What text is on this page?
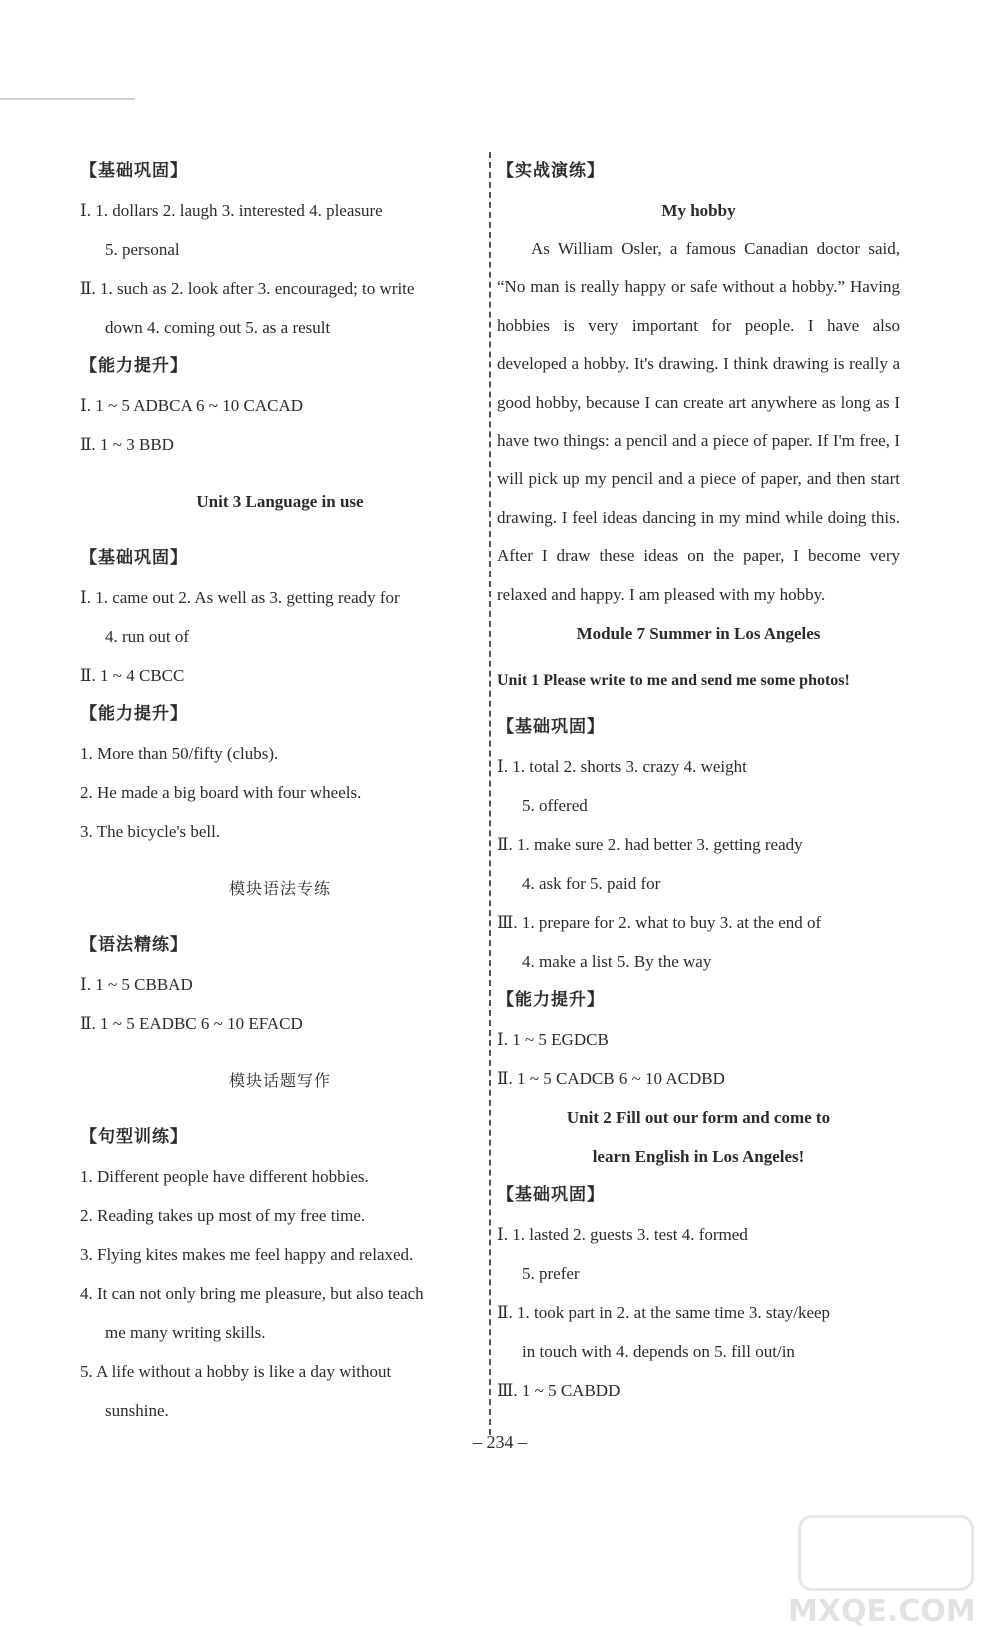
【基础巩固】
Ⅰ. 1. dollars 2. laugh 3. interested 4. pleasure
5. personal
Ⅱ. 1. such as 2. look after 3. encouraged; to write
down 4. coming out 5. as a result
【能力提升】
Ⅰ. 1 ~ 5 ADBCA 6 ~ 10 CACAD
Ⅱ. 1 ~ 3 BBD
Unit 3 Language in use
【基础巩固】
Ⅰ. 1. came out 2. As well as 3. getting ready for
4. run out of
Ⅱ. 1 ~ 4 CBCC
【能力提升】
1. More than 50/fifty (clubs).
2. He made a big board with four wheels.
3. The bicycle's bell.
模块语法专练
【语法精练】
Ⅰ. 1 ~ 5 CBBAD
Ⅱ. 1 ~ 5 EADBC 6 ~ 10 EFACD
模块话题写作
【句型训练】
1. Different people have different hobbies.
2. Reading takes up most of my free time.
3. Flying kites makes me feel happy and relaxed.
4. It can not only bring me pleasure, but also teach
me many writing skills.
5. A life without a hobby is like a day without
sunshine.
【实战演练】
My hobby

As William Osler, a famous Canadian doctor said, “No man is really happy or safe without a hobby.” Having hobbies is very important for people. I have also developed a hobby. It's drawing. I think drawing is really a good hobby, because I can create art anywhere as long as I have two things: a pencil and a piece of paper. If I'm free, I will pick up my pencil and a piece of paper, and then start drawing. I feel ideas dancing in my mind while doing this. After I draw these ideas on the paper, I become very relaxed and happy. I am pleased with my hobby.

Module 7 Summer in Los Angeles
Unit 1 Please write to me and send me some photos!
【基础巩固】
Ⅰ. 1. total 2. shorts 3. crazy 4. weight
5. offered
Ⅱ. 1. make sure 2. had better 3. getting ready
4. ask for 5. paid for
Ⅲ. 1. prepare for 2. what to buy 3. at the end of
4. make a list 5. By the way
【能力提升】
Ⅰ. 1 ~ 5 EGDCB
Ⅱ. 1 ~ 5 CADCB 6 ~ 10 ACDBD
Unit 2 Fill out our form and come to
learn English in Los Angeles!
【基础巩固】
Ⅰ. 1. lasted 2. guests 3. test 4. formed
5. prefer
Ⅱ. 1. took part in 2. at the same time 3. stay/keep
in touch with 4. depends on 5. fill out/in
Ⅲ. 1 ~ 5 CABDD
– 234 –
MXQE.COM
